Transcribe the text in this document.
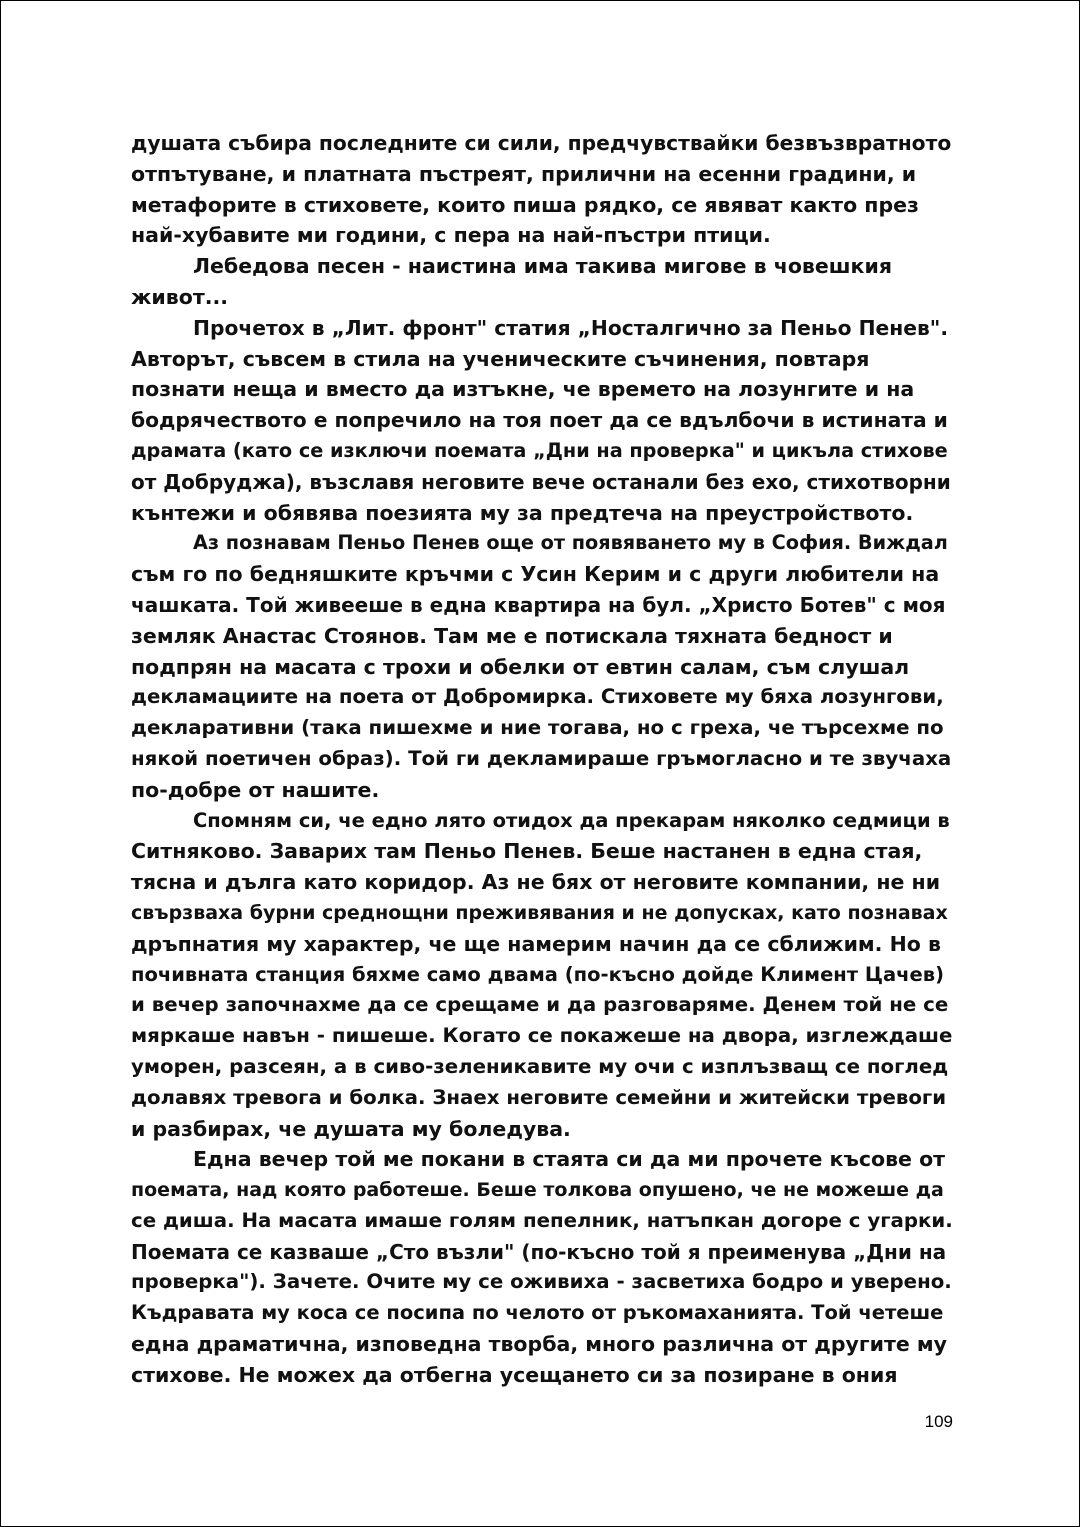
душата събира последните си сили, предчувствайки безвъзвратното
отпътуване, и платната пъстреят, прилични на есенни градини, и
метафорите в стиховете, които пиша рядко, се явяват както през
най-хубавите ми години, с пера на най-пъстри птици.
Лебедова песен - наистина има такива мигове в човешкия
живот...
Прочетох в „Лит. фронт" статия „Носталгично за Пеньо Пенев".
Авторът, съвсем в стила на ученическите съчинения, повтаря
познати неща и вместо да изтъкне, че времето на лозунгите и на
бодрячеството е попречило на тоя поет да се вдълбочи в истината и
драмата (като се изключи поемата „Дни на проверка" и цикъла стихове
от Добруджа), възславя неговите вече останали без ехо, стихотворни
кънтежи и обявява поезията му за предтеча на преустройството.
Аз познавам Пеньо Пенев още от появяването му в София. Виждал
съм го по бедняшките кръчми с Усин Керим и с други любители на
чашката. Той живееше в една квартира на бул. „Христо Ботев" с моя
земляк Анастас Стоянов. Там ме е потискала тяхната бедност и
подпрян на масата с трохи и обелки от евтин салам, съм слушал
декламациите на поета от Добромирка. Стиховете му бяха лозунгови,
декларативни (така пишехме и ние тогава, но с греха, че търсехме по
някой поетичен образ). Той ги декламираше гръмогласно и те звучаха
по-добре от нашите.
Спомням си, че едно лято отидох да прекарам няколко седмици в
Ситняково. Заварих там Пеньо Пенев. Беше настанен в една стая,
тясна и дълга като коридор. Аз не бях от неговите компании, не ни
свързваха бурни среднощни преживявания и не допусках, като познавах
дръпнатия му характер, че ще намерим начин да се сближим. Но в
почивната станция бяхме само двама (по-късно дойде Климент Цачев)
и вечер започнахме да се срещаме и да разговаряме. Денем той не се
мяркаше навън - пишеше. Когато се покажеше на двора, изглеждаше
уморен, разсеян, а в сиво-зеленикавите му очи с изплъзващ се поглед
долавях тревога и болка. Знаех неговите семейни и житейски тревоги
и разбирах, че душата му боледува.
Една вечер той ме покани в стаята си да ми прочете късове от
поемата, над която работеше. Беше толкова опушено, че не можеше да
се диша. На масата имаше голям пепелник, натъпкан догоре с угарки.
Поемата се казваше „Сто възли" (по-късно той я преименува „Дни на
проверка"). Зачете. Очите му се оживиха - засветиха бодро и уверено.
Къдравата му коса се посипа по челото от ръкомаханията. Той четеше
една драматична, изповедна творба, много различна от другите му
стихове. Не можех да отбегна усещането си за позиране в ония
109
